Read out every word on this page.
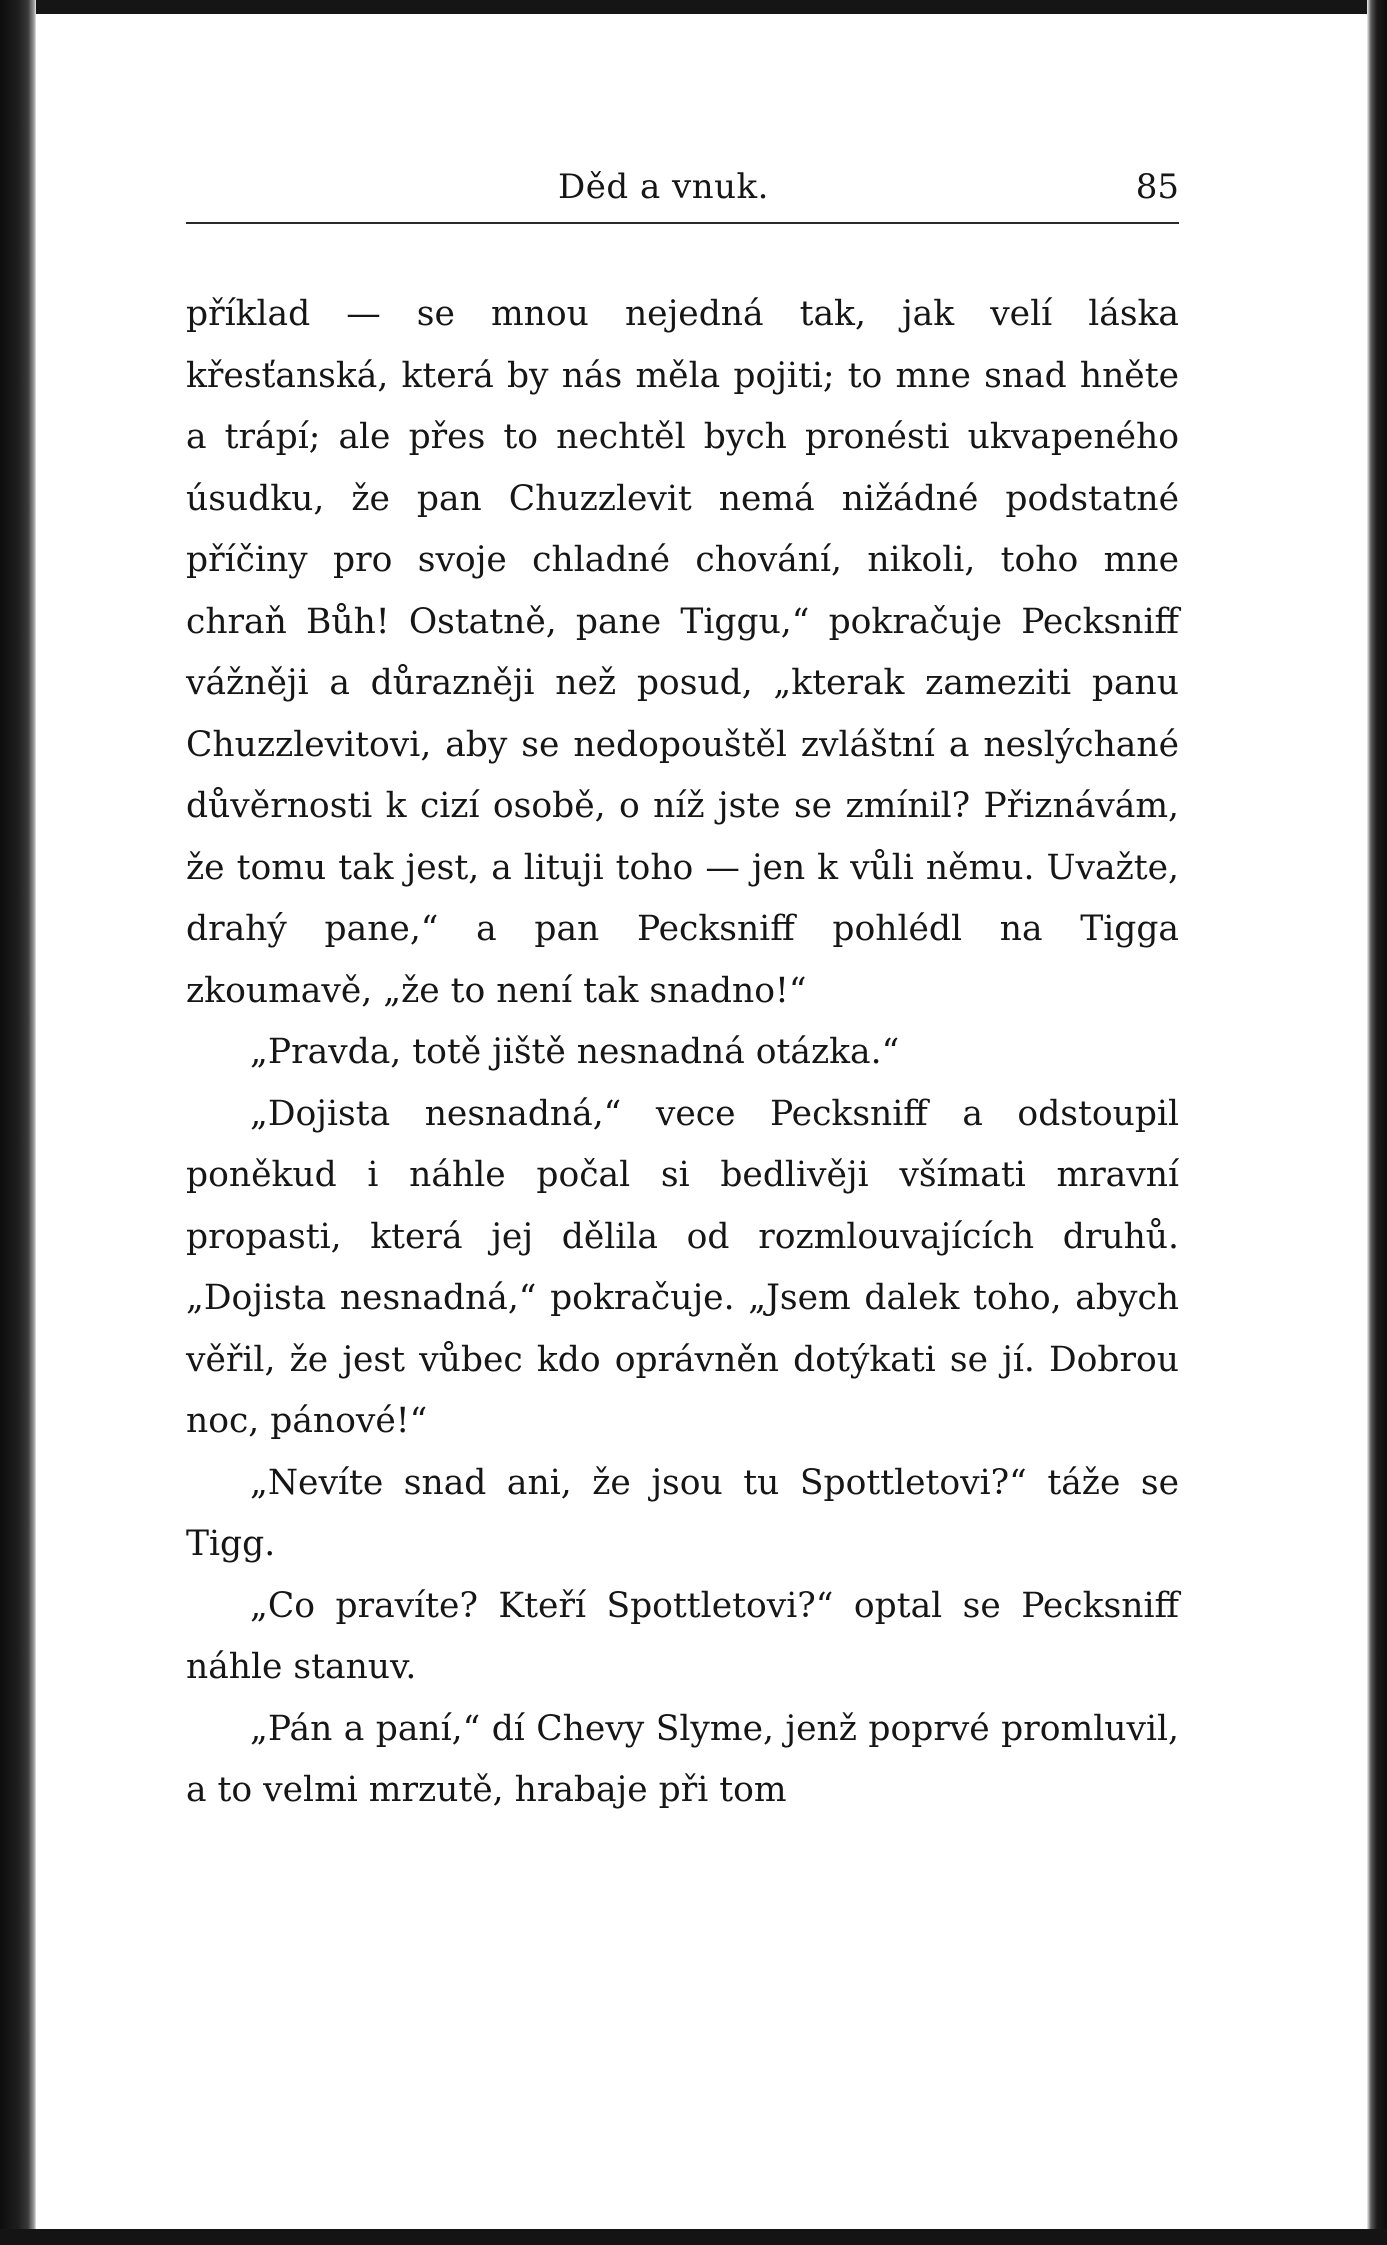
Děd a vnuk.	85

příklad — se mnou nejedná tak, jak velí láska křesťanská, která by nás měla pojiti; to mne snad hněte a trápí; ale přes to nechtěl bych pronésti ukvapeného úsudku, že pan Chuzzlevit nemá nižádné podstatné příčiny pro svoje chladné chování, nikoli, toho mne chraň Bůh! Ostatně, pane Tiggu,“ pokračuje Pecksniff vážněji a důrazněji než posud, „kterak zameziti panu Chuzzlevitovi, aby se nedopouštěl zvláštní a neslýchané důvěrnosti k cizí osobě, o níž jste se zmínil? Přiznávám, že tomu tak jest, a lituji toho — jen k vůli němu. Uvažte, drahý pane,“ a pan Pecksniff pohlédl na Tigga zkoumavě, „že to není tak snadno!“

„Pravda, totě jiště nesnadná otázka.“

„Dojista nesnadná,“ vece Pecksniff a odstoupil poněkud i náhle počal si bedlivěji všímati mravní propasti, která jej dělila od rozmlouvajících druhů. „Dojista nesnadná,“ pokračuje. „Jsem dalek toho, abych věřil, že jest vůbec kdo oprávněn dotýkati se jí. Dobrou noc, pánové!“

„Nevíte snad ani, že jsou tu Spottletovi?“ táže se Tigg.

„Co pravíte? Kteří Spottletovi?“ optal se Pecksniff náhle stanuv.

„Pán a paní,“ dí Chevy Slyme, jenž poprvé promluvil, a to velmi mrzutě, hrabaje při tom
